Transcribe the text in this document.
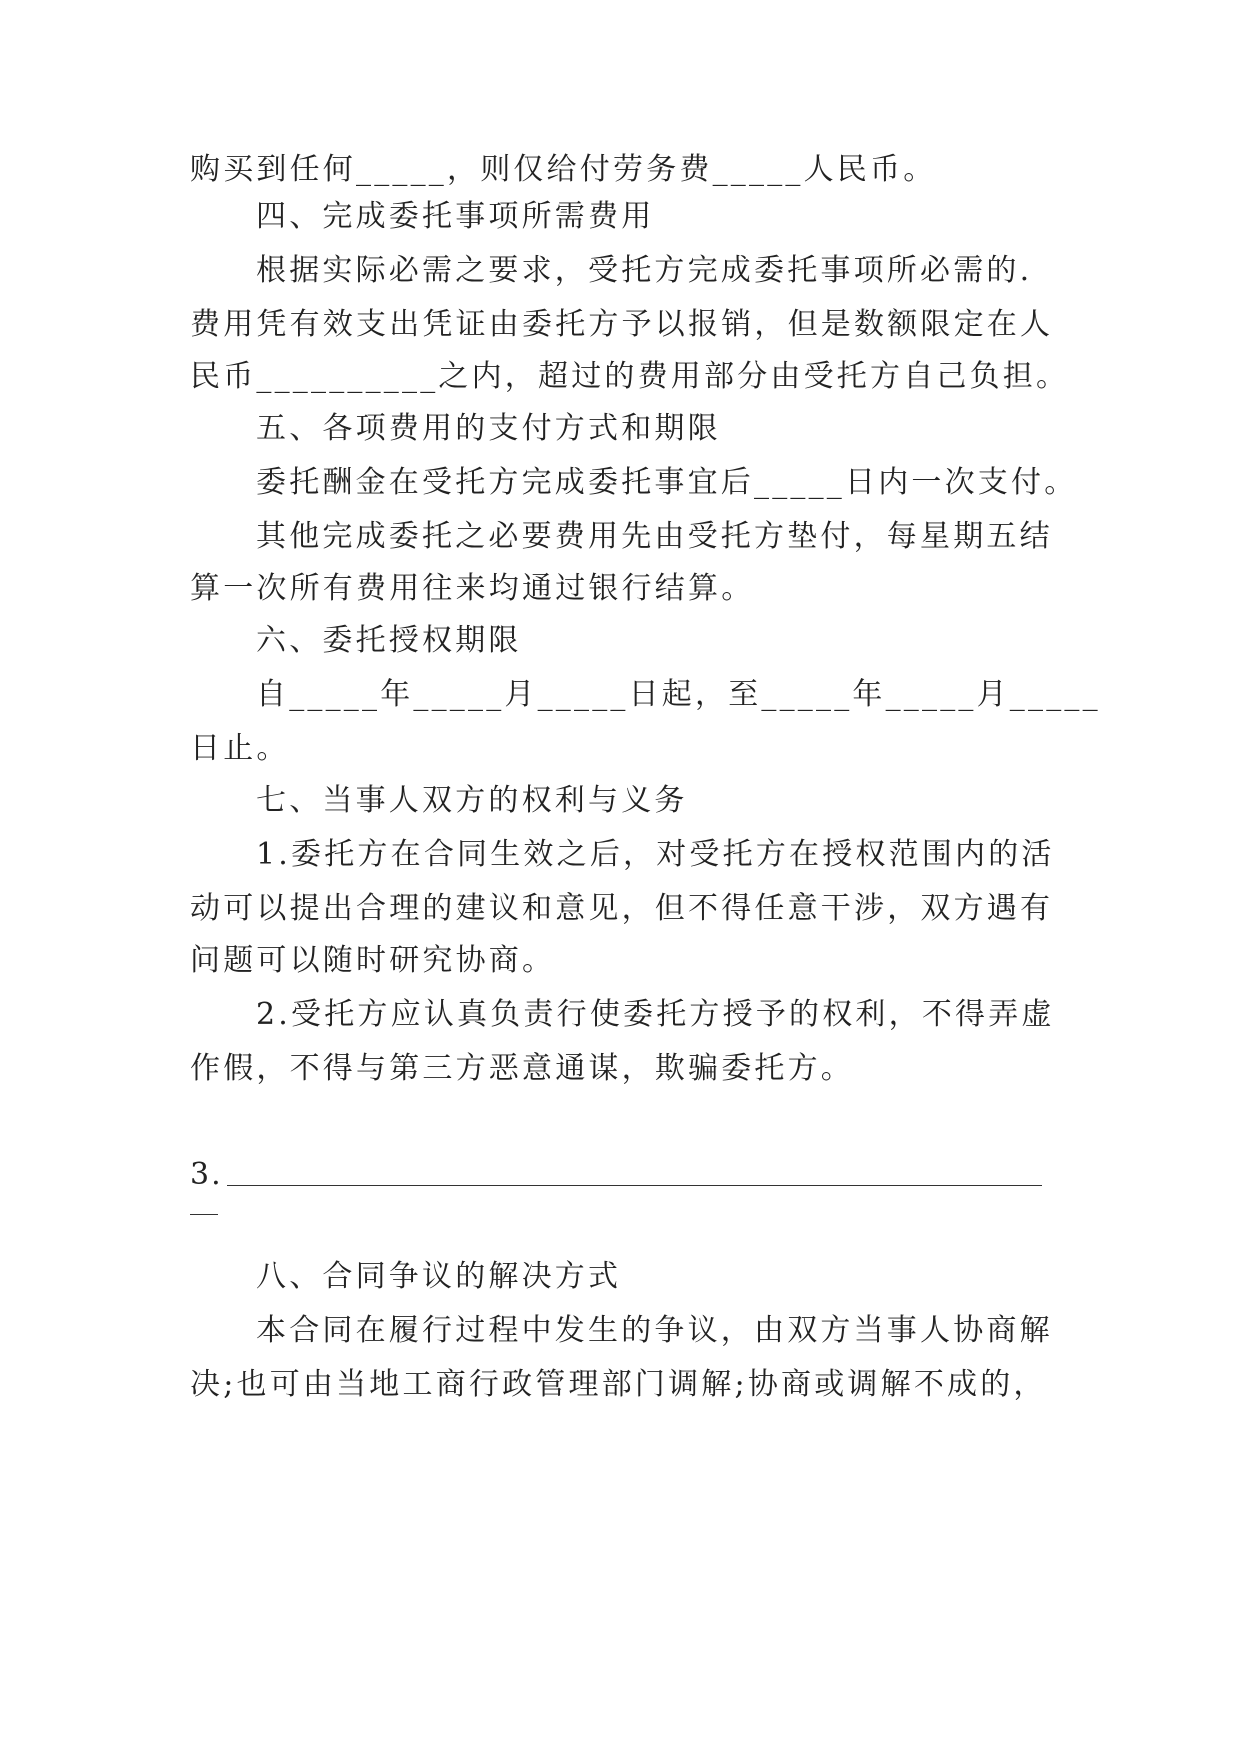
购买到任何_____，则仅给付劳务费_____人民币。
四、完成委托事项所需费用
根据实际必需之要求，受托方完成委托事项所必需的.
费用凭有效支出凭证由委托方予以报销，但是数额限定在人
民币__________之内，超过的费用部分由受托方自己负担。
五、各项费用的支付方式和期限
委托酬金在受托方完成委托事宜后_____日内一次支付。
其他完成委托之必要费用先由受托方垫付，每星期五结
算一次所有费用往来均通过银行结算。
六、委托授权期限
自_____年_____月_____日起，至_____年_____月_____
日止。
七、当事人双方的权利与义务
1.委托方在合同生效之后，对受托方在授权范围内的活
动可以提出合理的建议和意见，但不得任意干涉，双方遇有
问题可以随时研究协商。
2.受托方应认真负责行使委托方授予的权利，不得弄虚
作假，不得与第三方恶意通谋，欺骗委托方。
3.
八、合同争议的解决方式
本合同在履行过程中发生的争议，由双方当事人协商解
决;也可由当地工商行政管理部门调解;协商或调解不成的，
